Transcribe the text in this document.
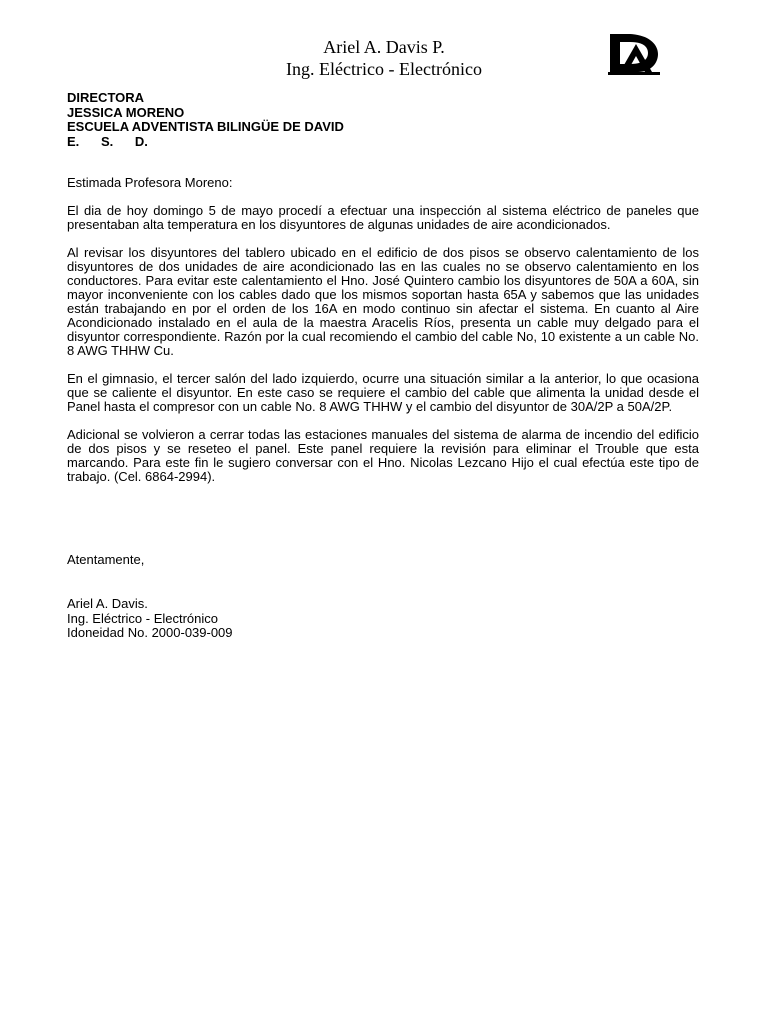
Ariel A. Davis P.
Ing. Eléctrico - Electrónico
DIRECTORA
JESSICA MORENO
ESCUELA ADVENTISTA BILINGÜE DE DAVID
E.      S.      D.

Estimada Profesora Moreno:

El dia de hoy domingo 5 de mayo procedí a efectuar una inspección al sistema eléctrico de paneles que presentaban alta temperatura en los disyuntores de algunas unidades de aire acondicionados.

Al revisar los disyuntores del tablero ubicado en el edificio de dos pisos se observo calentamiento de los disyuntores de dos unidades de aire acondicionado las en las cuales no se observo calentamiento en los conductores. Para evitar este calentamiento el Hno. José Quintero cambio los disyuntores de 50A a 60A, sin mayor inconveniente con los cables dado que los mismos soportan hasta 65A y sabemos que las unidades están trabajando en por el orden de los 16A en modo continuo sin afectar el sistema. En cuanto al Aire Acondicionado instalado en el aula de la maestra Aracelis Ríos, presenta un cable muy delgado para el disyuntor correspondiente. Razón por la cual recomiendo el cambio del cable No, 10 existente a un cable No. 8 AWG THHW Cu.

En el gimnasio, el tercer salón del lado izquierdo, ocurre una situación similar a la anterior, lo que ocasiona que se caliente el disyuntor. En este caso se requiere el cambio del cable que alimenta la unidad desde el Panel hasta el compresor con un cable No. 8 AWG THHW y el cambio del disyuntor de 30A/2P a 50A/2P.

Adicional se volvieron a cerrar todas las estaciones manuales del sistema de alarma de incendio del edificio de dos pisos y se reseteo el panel. Este panel requiere la revisión para eliminar el Trouble que esta marcando. Para este fin le sugiero conversar con el Hno. Nicolas Lezcano Hijo el cual efectúa este tipo de trabajo. (Cel. 6864-2994).

Atentamente,
Ariel A. Davis.
Ing. Eléctrico - Electrónico
Idoneidad No. 2000-039-009
